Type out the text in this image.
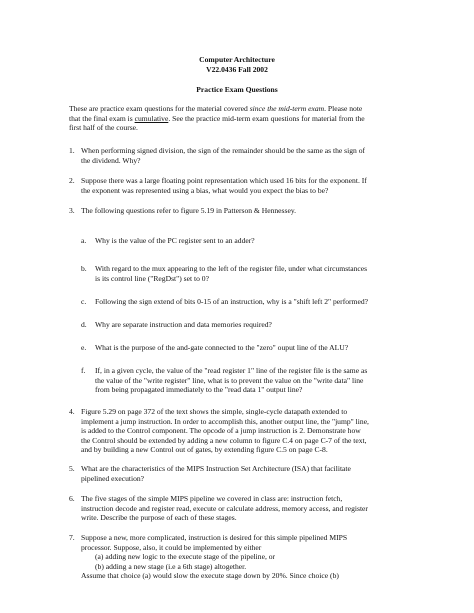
Computer Architecture
V22.0436 Fall 2002
Practice Exam Questions
These are practice exam questions for the material covered since the mid-term exam. Please note
that the final exam is cumulative. See the practice mid-term exam questions for material from the
first half of the course.
1. When performing signed division, the sign of the remainder should be the same as the sign of
the dividend. Why?
2. Suppose there was a large floating point representation which used 16 bits for the exponent. If
the exponent was represented using a bias, what would you expect the bias to be?
3. The following questions refer to figure 5.19 in Patterson & Hennessey.
a. Why is the value of the PC register sent to an adder?
b. With regard to the mux appearing to the left of the register file, under what circumstances
is its control line ("RegDst") set to 0?
c. Following the sign extend of bits 0-15 of an instruction, why is a "shift left 2" performed?
d. Why are separate instruction and data memories required?
e. What is the purpose of the and-gate connected to the "zero" ouput line of the ALU?
f. If, in a given cycle, the value of the "read register 1" line of the register file is the same as
the value of the "write register" line, what is to prevent the value on the "write data" line
from being propagated immediately to the "read data 1" output line?
4. Figure 5.29 on page 372 of the text shows the simple, single-cycle datapath extended to
implement a jump instruction. In order to accomplish this, another output line, the "jump" line,
is added to the Control component. The opcode of a jump instruction is 2. Demonstrate how
the Control should be extended by adding a new column to figure C.4 on page C-7 of the text,
and by building a new Control out of gates, by extending figure C.5 on page C-8.
5. What are the characteristics of the MIPS Instruction Set Architecture (ISA) that facilitate
pipelined execution?
6. The five stages of the simple MIPS pipeline we covered in class are: instruction fetch,
instruction decode and register read, execute or calculate address, memory access, and register
write. Describe the purpose of each of these stages.
7. Suppose a new, more complicated, instruction is desired for this simple pipelined MIPS
processor. Suppose, also, it could be implemented by either
(a) adding new logic to the execute stage of the pipeline, or
(b) adding a new stage (i.e a 6th stage) altogether.
Assume that choice (a) would slow the execute stage down by 20%. Since choice (b)
